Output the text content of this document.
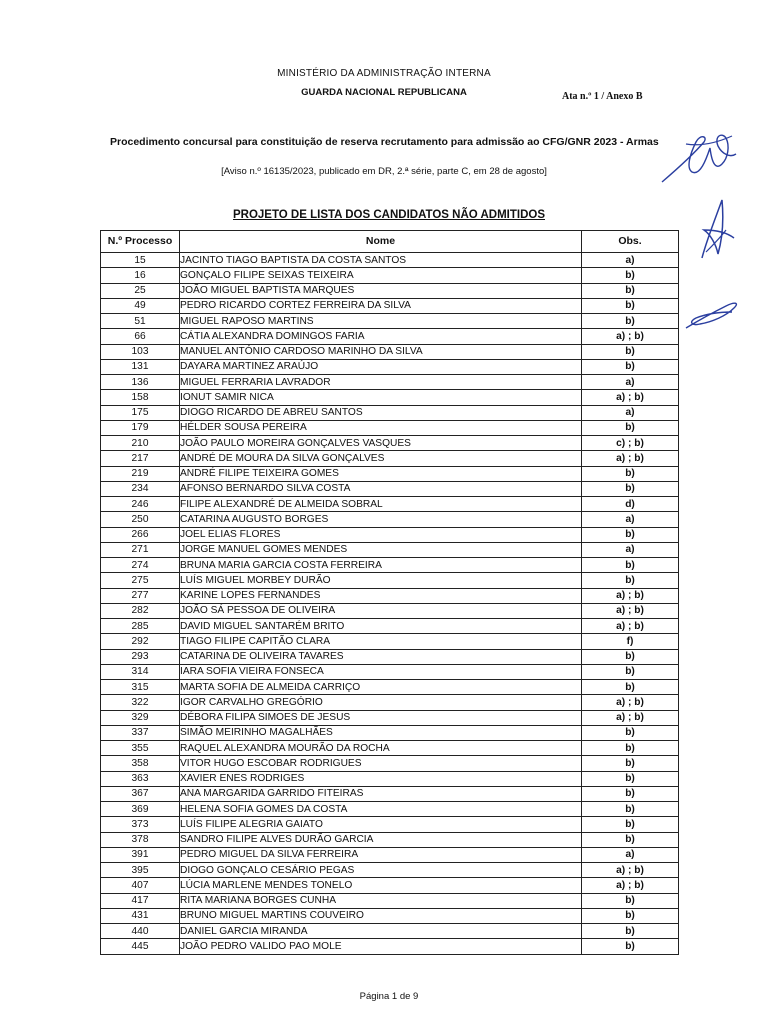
MINISTÉRIO DA ADMINISTRAÇÃO INTERNA
GUARDA NACIONAL REPUBLICANA	Ata n.º 1 / Anexo B
Procedimento concursal para constituição de reserva recrutamento para admissão ao CFG/GNR 2023 - Armas
[Aviso n.º 16135/2023, publicado em DR, 2.ª série, parte C, em 28 de agosto]
PROJETO DE LISTA DOS CANDIDATOS NÃO ADMITIDOS
N.º Processo	Nome	Obs.
15	JACINTO TIAGO BAPTISTA DA COSTA SANTOS	a)
16	GONÇALO FILIPE SEIXAS TEIXEIRA	b)
25	JOÃO MIGUEL BAPTISTA MARQUES	b)
49	PEDRO RICARDO CORTEZ FERREIRA DA SILVA	b)
51	MIGUEL RAPOSO MARTINS	b)
66	CÁTIA ALEXANDRA DOMINGOS FARIA	a) ; b)
103	MANUEL ANTÓNIO CARDOSO MARINHO DA SILVA	b)
131	DAYARA MARTINEZ ARAÚJO	b)
136	MIGUEL FERRARIA LAVRADOR	a)
158	IONUT SAMIR NICA	a) ; b)
175	DIOGO RICARDO DE ABREU SANTOS	a)
179	HÉLDER SOUSA PEREIRA	b)
210	JOÃO PAULO MOREIRA GONÇALVES VASQUES	c) ; b)
217	ANDRÉ DE MOURA DA SILVA GONÇALVES	a) ; b)
219	ANDRÉ FILIPE TEIXEIRA GOMES	b)
234	AFONSO BERNARDO SILVA COSTA	b)
246	FILIPE ALEXANDRÉ DE ALMEIDA SOBRAL	d)
250	CATARINA AUGUSTO BORGES	a)
266	JOEL ELIAS FLORES	b)
271	JORGE MANUEL GOMES MENDES	a)
274	BRUNA MARIA GARCIA COSTA FERREIRA	b)
275	LUÍS MIGUEL MORBEY DURÃO	b)
277	KARINE LOPES FERNANDES	a) ; b)
282	JOÃO SÁ PESSOA DE OLIVEIRA	a) ; b)
285	DAVID MIGUEL SANTARÉM BRITO	a) ; b)
292	TIAGO FILIPE CAPITÃO CLARA	f)
293	CATARINA DE OLIVEIRA TAVARES	b)
314	IARA SOFIA VIEIRA FONSECA	b)
315	MARTA SOFIA DE ALMEIDA CARRIÇO	b)
322	IGOR CARVALHO GREGÓRIO	a) ; b)
329	DÉBORA FILIPA SIMOES DE JESUS	a) ; b)
337	SIMÃO MEIRINHO MAGALHÃES	b)
355	RAQUEL ALEXANDRA MOURÃO DA ROCHA	b)
358	VITOR HUGO ESCOBAR RODRIGUES	b)
363	XAVIER ENES RODRIGES	b)
367	ANA MARGARIDA GARRIDO FITEIRAS	b)
369	HELENA SOFIA GOMES DA COSTA	b)
373	LUÍS FILIPE ALEGRIA GAIATO	b)
378	SANDRO FILIPE ALVES DURÃO GARCIA	b)
391	PEDRO MIGUEL DA SILVA FERREIRA	a)
395	DIOGO GONÇALO CESÁRIO PEGAS	a) ; b)
407	LÚCIA MARLENE MENDES TONELO	a) ; b)
417	RITA MARIANA BORGES CUNHA	b)
431	BRUNO MIGUEL MARTINS COUVEIRO	b)
440	DANIEL GARCIA MIRANDA	b)
445	JOÃO PEDRO VALIDO PAO MOLE	b)
Página 1 de 9
